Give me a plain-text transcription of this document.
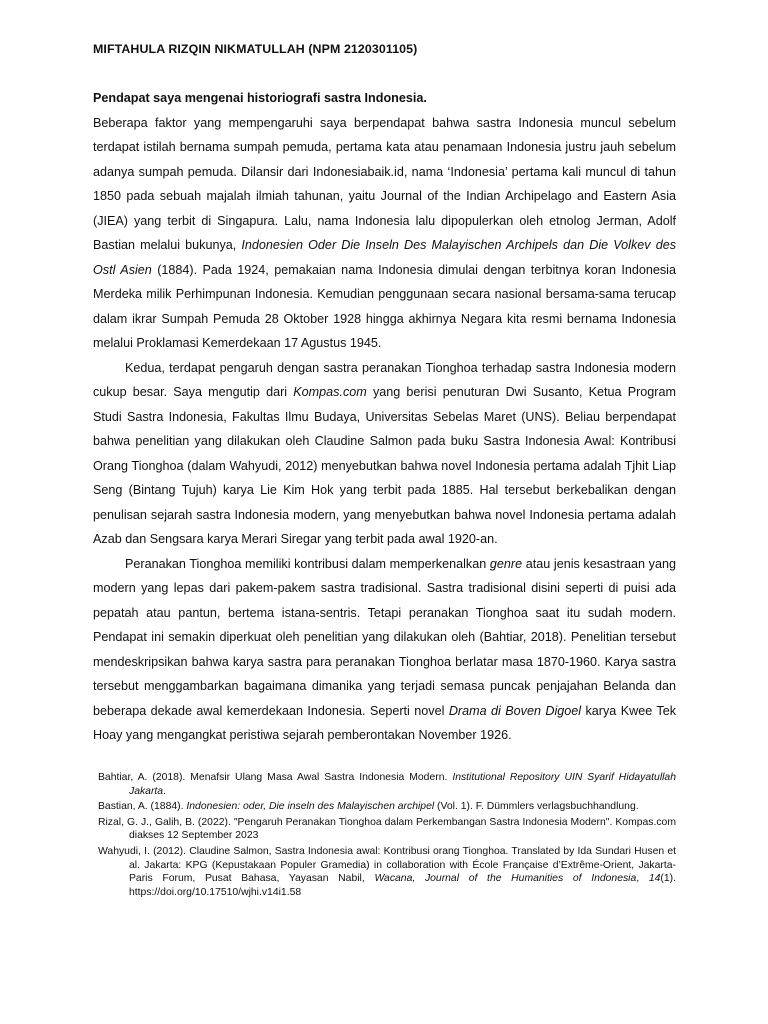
MIFTAHULA RIZQIN NIKMATULLAH (NPM 2120301105)

Pendapat saya mengenai historiografi sastra Indonesia.

Beberapa faktor yang mempengaruhi saya berpendapat bahwa sastra Indonesia muncul sebelum terdapat istilah bernama sumpah pemuda, pertama kata atau penamaan Indonesia justru jauh sebelum adanya sumpah pemuda. Dilansir dari Indonesiabaik.id, nama ‘Indonesia’ pertama kali muncul di tahun 1850 pada sebuah majalah ilmiah tahunan, yaitu Journal of the Indian Archipelago and Eastern Asia (JIEA) yang terbit di Singapura. Lalu, nama Indonesia lalu dipopulerkan oleh etnolog Jerman, Adolf Bastian melalui bukunya, Indonesien Oder Die Inseln Des Malayischen Archipels dan Die Volkev des Ostl Asien (1884). Pada 1924, pemakaian nama Indonesia dimulai dengan terbitnya koran Indonesia Merdeka milik Perhimpunan Indonesia. Kemudian penggunaan secara nasional bersama-sama terucap dalam ikrar Sumpah Pemuda 28 Oktober 1928 hingga akhirnya Negara kita resmi bernama Indonesia melalui Proklamasi Kemerdekaan 17 Agustus 1945.

Kedua, terdapat pengaruh dengan sastra peranakan Tionghoa terhadap sastra Indonesia modern cukup besar. Saya mengutip dari Kompas.com yang berisi penuturan Dwi Susanto, Ketua Program Studi Sastra Indonesia, Fakultas Ilmu Budaya, Universitas Sebelas Maret (UNS). Beliau berpendapat bahwa penelitian yang dilakukan oleh Claudine Salmon pada buku Sastra Indonesia Awal: Kontribusi Orang Tionghoa (dalam Wahyudi, 2012) menyebutkan bahwa novel Indonesia pertama adalah Tjhit Liap Seng (Bintang Tujuh) karya Lie Kim Hok yang terbit pada 1885. Hal tersebut berkebalikan dengan penulisan sejarah sastra Indonesia modern, yang menyebutkan bahwa novel Indonesia pertama adalah Azab dan Sengsara karya Merari Siregar yang terbit pada awal 1920-an.

Peranakan Tionghoa memiliki kontribusi dalam memperkenalkan genre atau jenis kesastraan yang modern yang lepas dari pakem-pakem sastra tradisional. Sastra tradisional disini seperti di puisi ada pepatah atau pantun, bertema istana-sentris. Tetapi peranakan Tionghoa saat itu sudah modern. Pendapat ini semakin diperkuat oleh penelitian yang dilakukan oleh (Bahtiar, 2018). Penelitian tersebut mendeskripsikan bahwa karya sastra para peranakan Tionghoa berlatar masa 1870-1960. Karya sastra tersebut menggambarkan bagaimana dimanika yang terjadi semasa puncak penjajahan Belanda dan beberapa dekade awal kemerdekaan Indonesia. Seperti novel Drama di Boven Digoel karya Kwee Tek Hoay yang mengangkat peristiwa sejarah pemberontakan November 1926.

Bahtiar, A. (2018). Menafsir Ulang Masa Awal Sastra Indonesia Modern. Institutional Repository UIN Syarif Hidayatullah Jakarta.

Bastian, A. (1884). Indonesien: oder, Die inseln des Malayischen archipel (Vol. 1). F. Dümmlers verlagsbuchhandlung.

Rizal, G. J., Galih, B. (2022). "Pengaruh Peranakan Tionghoa dalam Perkembangan Sastra Indonesia Modern". Kompas.com diakses 12 September 2023

Wahyudi, I. (2012). Claudine Salmon, Sastra Indonesia awal: Kontribusi orang Tionghoa. Translated by Ida Sundari Husen et al. Jakarta: KPG (Kepustakaan Populer Gramedia) in collaboration with École Française d’Extrême-Orient, Jakarta-Paris Forum, Pusat Bahasa, Yayasan Nabil, Wacana, Journal of the Humanities of Indonesia, 14(1). https://doi.org/10.17510/wjhi.v14i1.58
